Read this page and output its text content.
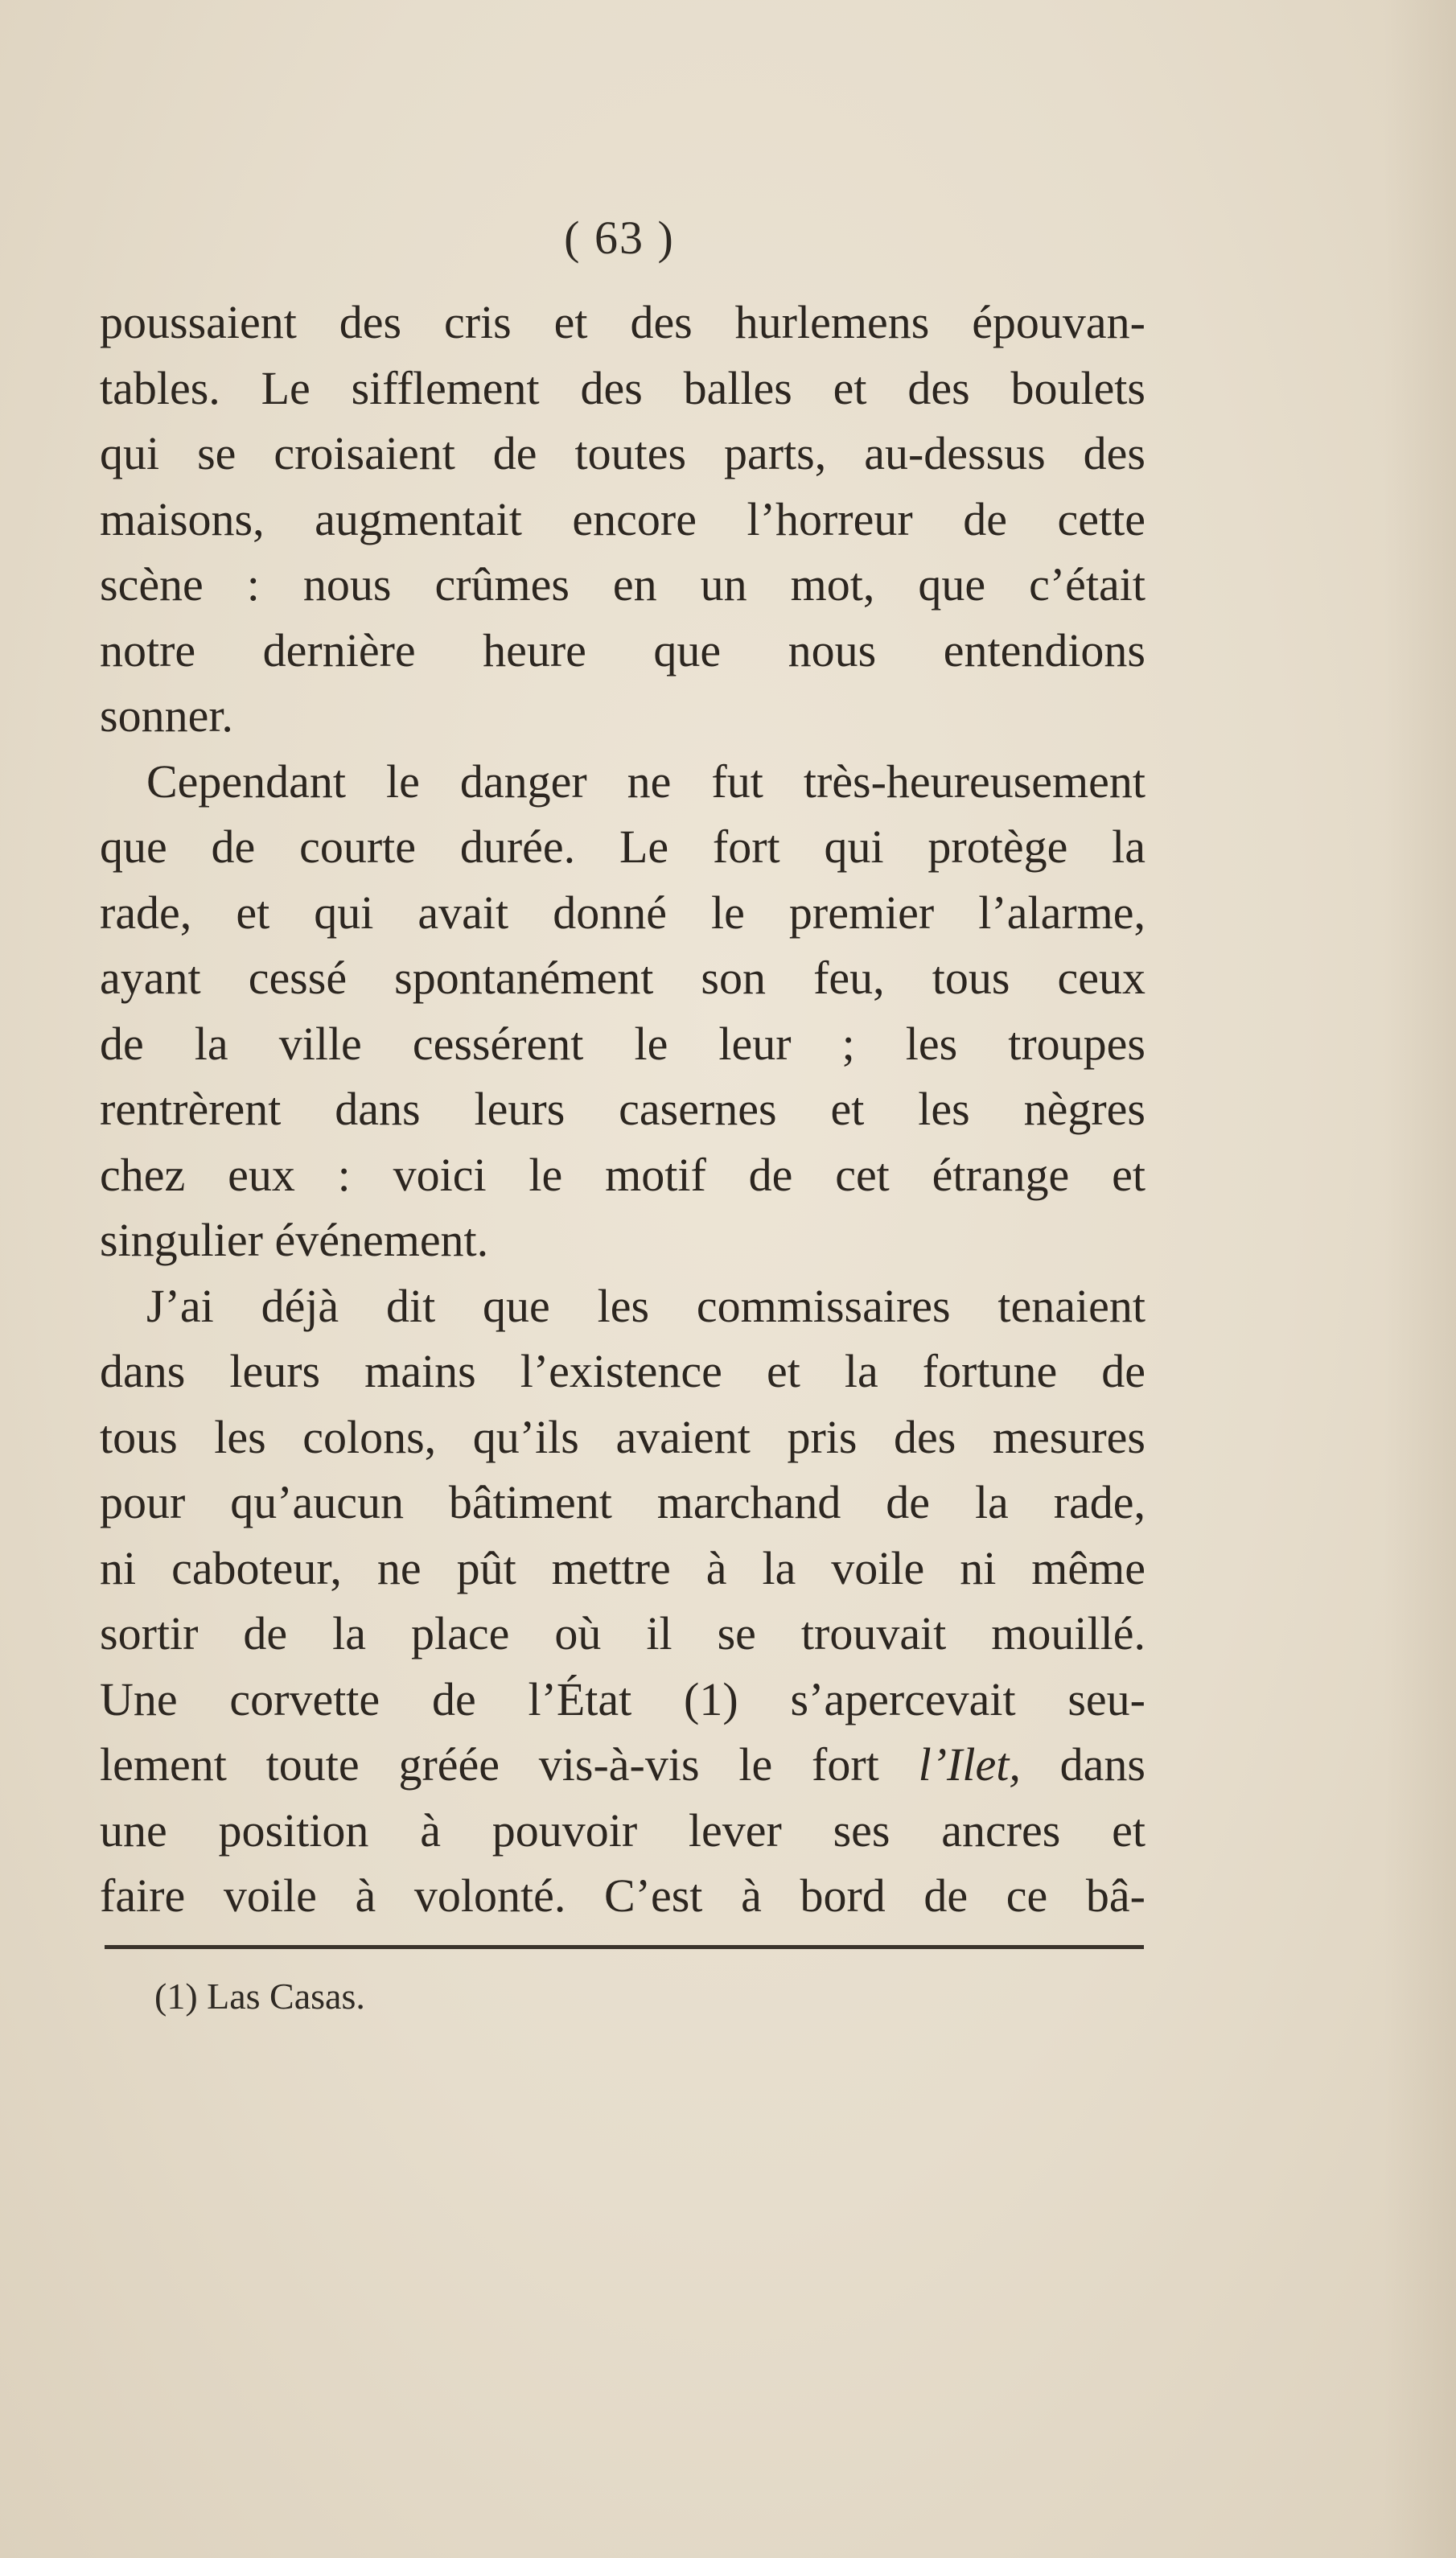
( 63 )
poussaient des cris et des hurlemens épouvan-
tables. Le sifflement des balles et des boulets
qui se croisaient de toutes parts, au-dessus des
maisons, augmentait encore l’horreur de cette
scène : nous crûmes en un mot, que c’était
notre dernière heure que nous entendions
sonner.
Cependant le danger ne fut très-heureusement
que de courte durée. Le fort qui protège la
rade, et qui avait donné le premier l’alarme,
ayant cessé spontanément son feu, tous ceux
de la ville cessérent le leur ; les troupes
rentrèrent dans leurs casernes et les nègres
chez eux : voici le motif de cet étrange et
singulier événement.
J’ai déjà dit que les commissaires tenaient
dans leurs mains l’existence et la fortune de
tous les colons, qu’ils avaient pris des mesures
pour qu’aucun bâtiment marchand de la rade,
ni caboteur, ne pût mettre à la voile ni même
sortir de la place où il se trouvait mouillé.
Une corvette de l’État (1) s’apercevait seu-
lement toute gréée vis-à-vis le fort l’Ilet, dans
une position à pouvoir lever ses ancres et
faire voile à volonté. C’est à bord de ce bâ-
(1) Las Casas.
